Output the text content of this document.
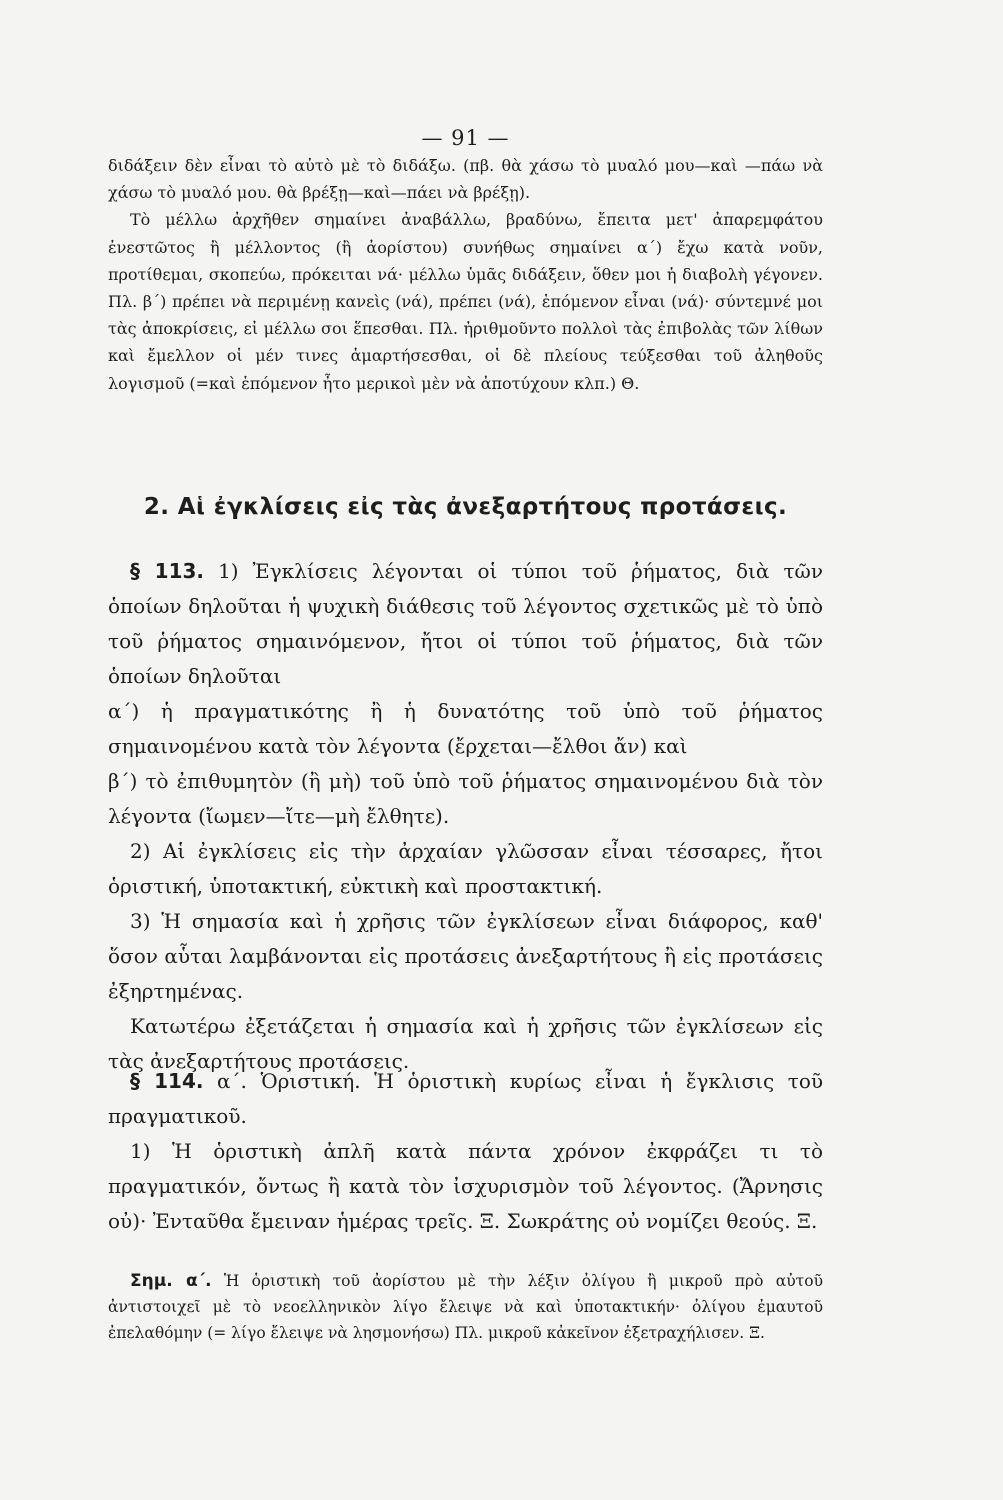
— 91 —

διδάξειν δὲν εἶναι τὸ αὐτὸ μὲ τὸ διδάξω. (πβ. θὰ χάσω τὸ μυαλό μου—καὶ —πάω νὰ χάσω τὸ μυαλό μου. θὰ βρέξῃ—καὶ—πάει νὰ βρέξῃ).

Τὸ μέλλω ἀρχῆθεν σημαίνει ἀναβάλλω, βραδύνω, ἔπειτα μετ' ἀπαρεμφάτου ἐνεστῶτος ἢ μέλλοντος (ἢ ἀορίστου) συνήθως σημαίνει α΄) ἔχω κατὰ νοῦν, προτίθεμαι, σκοπεύω, πρόκειται νά· μέλλω ὑμᾶς διδάξειν, ὅθεν μοι ἡ διαβολὴ γέγονεν. Πλ. β΄) πρέπει νὰ περιμένῃ κανεὶς (νά), πρέπει (νά), ἑπόμενον εἶναι (νά)· σύντεμνέ μοι τὰς ἀποκρίσεις, εἰ μέλλω σοι ἕπεσθαι. Πλ. ἠριθμοῦντο πολλοὶ τὰς ἐπιβολὰς τῶν λίθων καὶ ἔμελλον οἱ μέν τινες ἁμαρτήσεσθαι, οἱ δὲ πλείους τεύξεσθαι τοῦ ἀληθοῦς λογισμοῦ (=καὶ ἑπόμενον ἦτο μερικοὶ μὲν νὰ ἀποτύχουν κλπ.) Θ.

2. Αἱ ἐγκλίσεις εἰς τὰς ἀνεξαρτήτους προτάσεις.

§ 113. 1) Ἐγκλίσεις λέγονται οἱ τύποι τοῦ ῥήματος, διὰ τῶν ὁποίων δηλοῦται ἡ ψυχικὴ διάθεσις τοῦ λέγοντος σχετικῶς μὲ τὸ ὑπὸ τοῦ ῥήματος σημαινόμενον, ἤτοι οἱ τύποι τοῦ ῥήματος, διὰ τῶν ὁποίων δηλοῦται

α΄) ἡ πραγματικότης ἢ ἡ δυνατότης τοῦ ὑπὸ τοῦ ῥήματος σημαινομένου κατὰ τὸν λέγοντα (ἔρχεται—ἔλθοι ἄν) καὶ

β΄) τὸ ἐπιθυμητὸν (ἢ μὴ) τοῦ ὑπὸ τοῦ ῥήματος σημαινομένου διὰ τὸν λέγοντα (ἴωμεν—ἴτε—μὴ ἔλθητε).

2) Αἱ ἐγκλίσεις εἰς τὴν ἀρχαίαν γλῶσσαν εἶναι τέσσαρες, ἤτοι ὁριστική, ὑποτακτική, εὐκτικὴ καὶ προστακτική.

3) Ἡ σημασία καὶ ἡ χρῆσις τῶν ἐγκλίσεων εἶναι διάφορος, καθ' ὅσον αὗται λαμβάνονται εἰς προτάσεις ἀνεξαρτήτους ἢ εἰς προτάσεις ἐξηρτημένας.

Κατωτέρω ἐξετάζεται ἡ σημασία καὶ ἡ χρῆσις τῶν ἐγκλίσεων εἰς τὰς ἀνεξαρτήτους προτάσεις.

§ 114. α΄. Ὁριστική. Ἡ ὁριστικὴ κυρίως εἶναι ἡ ἔγκλισις τοῦ πραγματικοῦ.

1) Ἡ ὁριστικὴ ἁπλῆ κατὰ πάντα χρόνον ἐκφράζει τι τὸ πραγματικόν, ὄντως ἢ κατὰ τὸν ἰσχυρισμὸν τοῦ λέγοντος. (Ἄρνησις οὐ)· Ἐνταῦθα ἔμειναν ἡμέρας τρεῖς. Ξ. Σωκράτης οὐ νομίζει θεούς. Ξ.

Σημ. α΄. Ἡ ὁριστικὴ τοῦ ἀορίστου μὲ τὴν λέξιν ὀλίγου ἢ μικροῦ πρὸ αὐτοῦ ἀντιστοιχεῖ μὲ τὸ νεοελληνικὸν λίγο ἔλειψε νὰ καὶ ὑποτακτικήν· ὀλίγου ἐμαυτοῦ ἐπελαθόμην (= λίγο ἔλειψε νὰ λησμονήσω) Πλ. μικροῦ κἀκεῖνον ἐξετραχήλισεν. Ξ.
